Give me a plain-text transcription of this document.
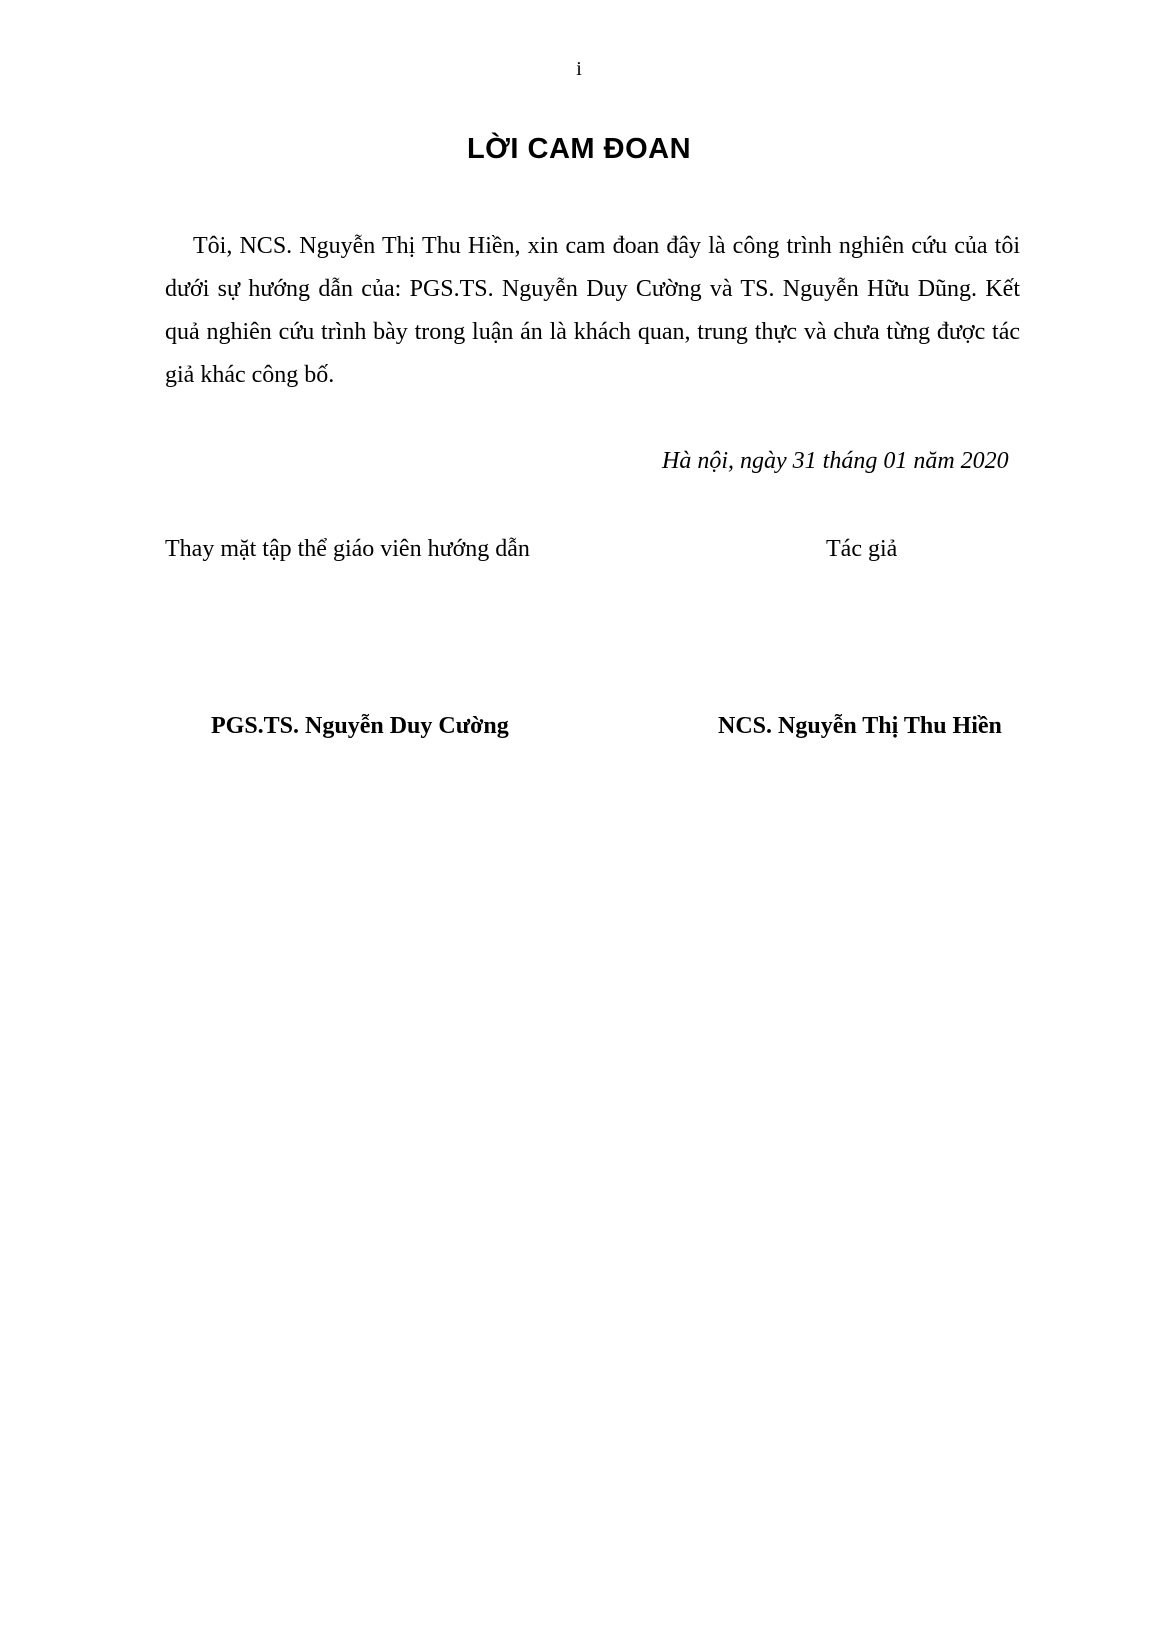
i
LỜI CAM ĐOAN

Tôi, NCS. Nguyễn Thị Thu Hiền, xin cam đoan đây là công trình nghiên cứu của tôi dưới sự hướng dẫn của: PGS.TS. Nguyễn Duy Cường và TS. Nguyễn Hữu Dũng. Kết quả nghiên cứu trình bày trong luận án là khách quan, trung thực và chưa từng được tác giả khác công bố.

Hà nội, ngày 31 tháng 01 năm 2020

Thay mặt tập thể giáo viên hướng dẫn	Tác giả
PGS.TS. Nguyễn Duy Cường	NCS. Nguyễn Thị Thu Hiền
